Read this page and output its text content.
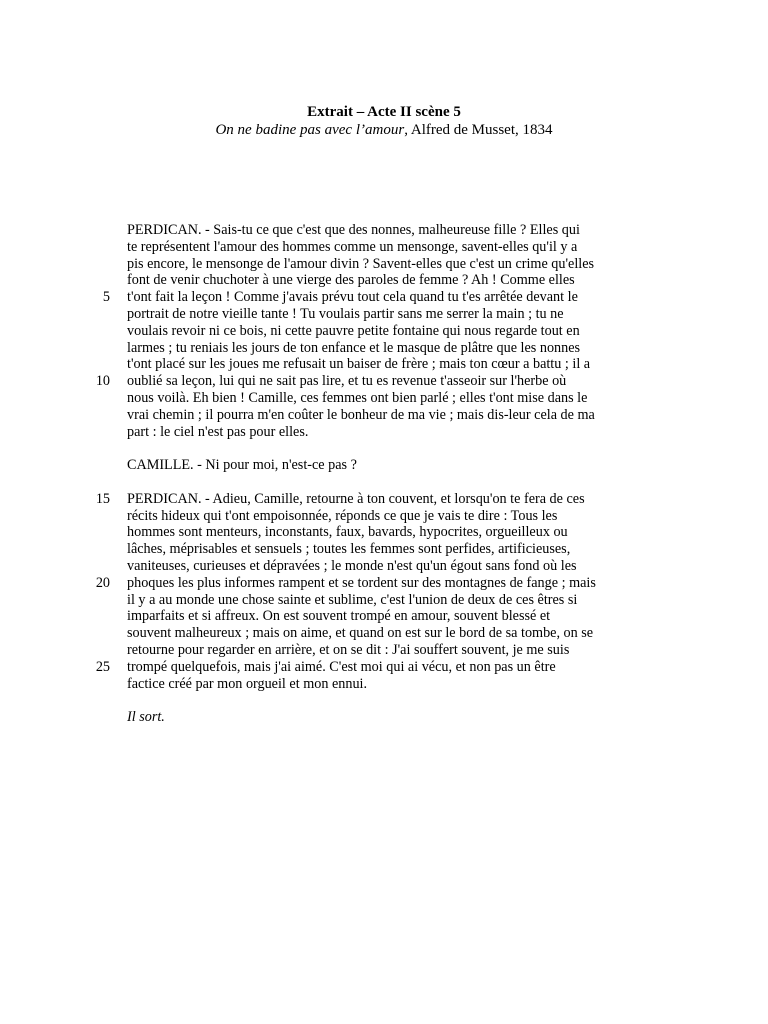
Extrait – Acte II scène 5
On ne badine pas avec l’amour, Alfred de Musset, 1834
PERDICAN. - Sais-tu ce que c'est que des nonnes, malheureuse fille ? Elles qui
te représentent l'amour des hommes comme un mensonge, savent-elles qu'il y a
pis encore, le mensonge de l'amour divin ? Savent-elles que c'est un crime qu'elles
font de venir chuchoter à une vierge des paroles de femme ? Ah ! Comme elles
t'ont fait la leçon ! Comme j'avais prévu tout cela quand tu t'es arrêtée devant le
portrait de notre vieille tante ! Tu voulais partir sans me serrer la main ; tu ne
voulais revoir ni ce bois, ni cette pauvre petite fontaine qui nous regarde tout en
larmes ; tu reniais les jours de ton enfance et le masque de plâtre que les nonnes
t'ont placé sur les joues me refusait un baiser de frère ; mais ton cœur a battu ; il a
oublié sa leçon, lui qui ne sait pas lire, et tu es revenue t'asseoir sur l'herbe où
nous voilà. Eh bien ! Camille, ces femmes ont bien parlé ; elles t'ont mise dans le
vrai chemin ; il pourra m'en coûter le bonheur de ma vie ; mais dis-leur cela de ma
part : le ciel n'est pas pour elles.
CAMILLE. - Ni pour moi, n'est-ce pas ?
PERDICAN. - Adieu, Camille, retourne à ton couvent, et lorsqu'on te fera de ces
récits hideux qui t'ont empoisonnée, réponds ce que je vais te dire : Tous les
hommes sont menteurs, inconstants, faux, bavards, hypocrites, orgueilleux ou
lâches, méprisables et sensuels ; toutes les femmes sont perfides, artificieuses,
vaniteuses, curieuses et dépravées ; le monde n'est qu'un égout sans fond où les
phoques les plus informes rampent et se tordent sur des montagnes de fange ; mais
il y a au monde une chose sainte et sublime, c'est l'union de deux de ces êtres si
imparfaits et si affreux. On est souvent trompé en amour, souvent blessé et
souvent malheureux ; mais on aime, et quand on est sur le bord de sa tombe, on se
retourne pour regarder en arrière, et on se dit : J'ai souffert souvent, je me suis
trompé quelquefois, mais j'ai aimé. C'est moi qui ai vécu, et non pas un être
factice créé par mon orgueil et mon ennui.
Il sort.
5
10
15
20
25
